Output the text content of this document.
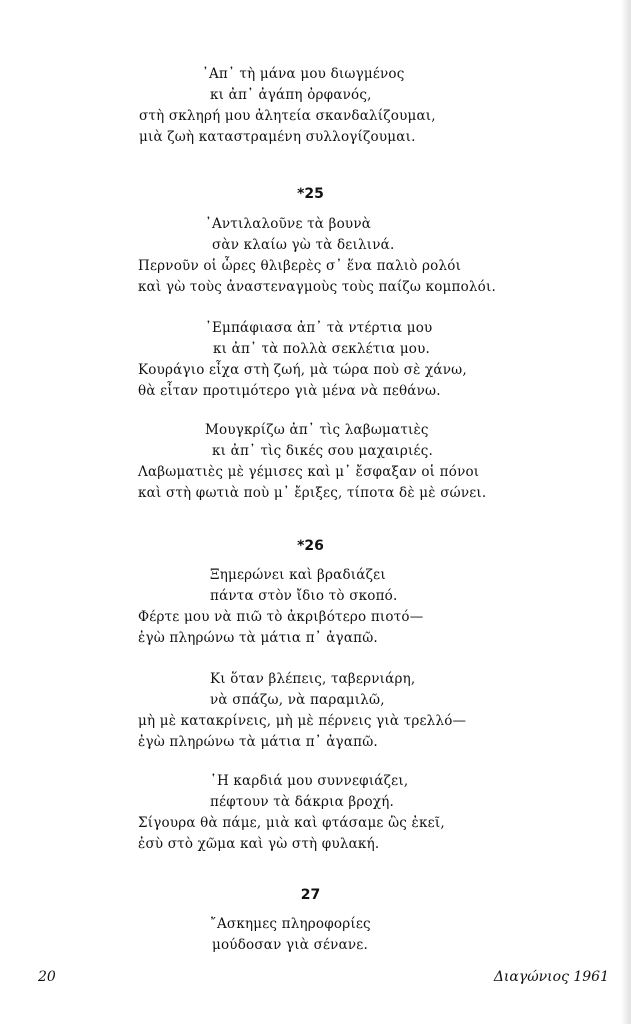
᾿Απ᾿ τὴ μάνα μου διωγμένος
κι ἀπ᾿ ἀγάπη ὀρφανός,
στὴ σκληρή μου ἀλητεία σκανδαλίζουμαι,
μιὰ ζωὴ καταστραμένη συλλογίζουμαι.
*25
᾿Αντιλαλοῦνε τὰ βουνὰ
σὰν κλαίω γὼ τὰ δειλινά.
Περνοῦν οἱ ὧρες θλιβερὲς σ᾿ ἕνα παλιὸ ρολόι
καὶ γὼ τοὺς ἀναστεναγμοὺς τοὺς παίζω κομπολόι.
᾿Εμπάφιασα ἀπ᾿ τὰ ντέρτια μου
κι ἀπ᾿ τὰ πολλὰ σεκλέτια μου.
Κουράγιο εἶχα στὴ ζωή, μὰ τώρα ποὺ σὲ χάνω,
θὰ εἶταν προτιμότερο γιὰ μένα νὰ πεθάνω.
Μουγκρίζω ἀπ᾿ τὶς λαβωματιὲς
κι ἀπ᾿ τὶς δικές σου μαχαιριές.
Λαβωματιὲς μὲ γέμισες καὶ μ᾿ ἔσφαξαν οἱ πόνοι
καὶ στὴ φωτιὰ ποὺ μ᾿ ἔριξες, τίποτα δὲ μὲ σώνει.
*26
Ξημερώνει καὶ βραδιάζει
πάντα στὸν ἴδιο τὸ σκοπό.
Φέρτε μου νὰ πιῶ τὸ ἀκριβότερο πιοτό—
ἐγὼ πληρώνω τὰ μάτια π᾿ ἀγαπῶ.
Κι ὅταν βλέπεις, ταβερνιάρη,
νὰ σπάζω, νὰ παραμιλῶ,
μὴ μὲ κατακρίνεις, μὴ μὲ πέρνεις γιὰ τρελλό—
ἐγὼ πληρώνω τὰ μάτια π᾿ ἀγαπῶ.
῾Η καρδιά μου συννεφιάζει,
πέφτουν τὰ δάκρια βροχή.
Σίγουρα θὰ πάμε, μιὰ καὶ φτάσαμε ὣς ἐκεῖ,
ἐσὺ στὸ χῶμα καὶ γὼ στὴ φυλακή.
27
῎Ασκημες πληροφορίες
μούδοσαν γιὰ σένανε.
20	Διαγώνιος 1961
